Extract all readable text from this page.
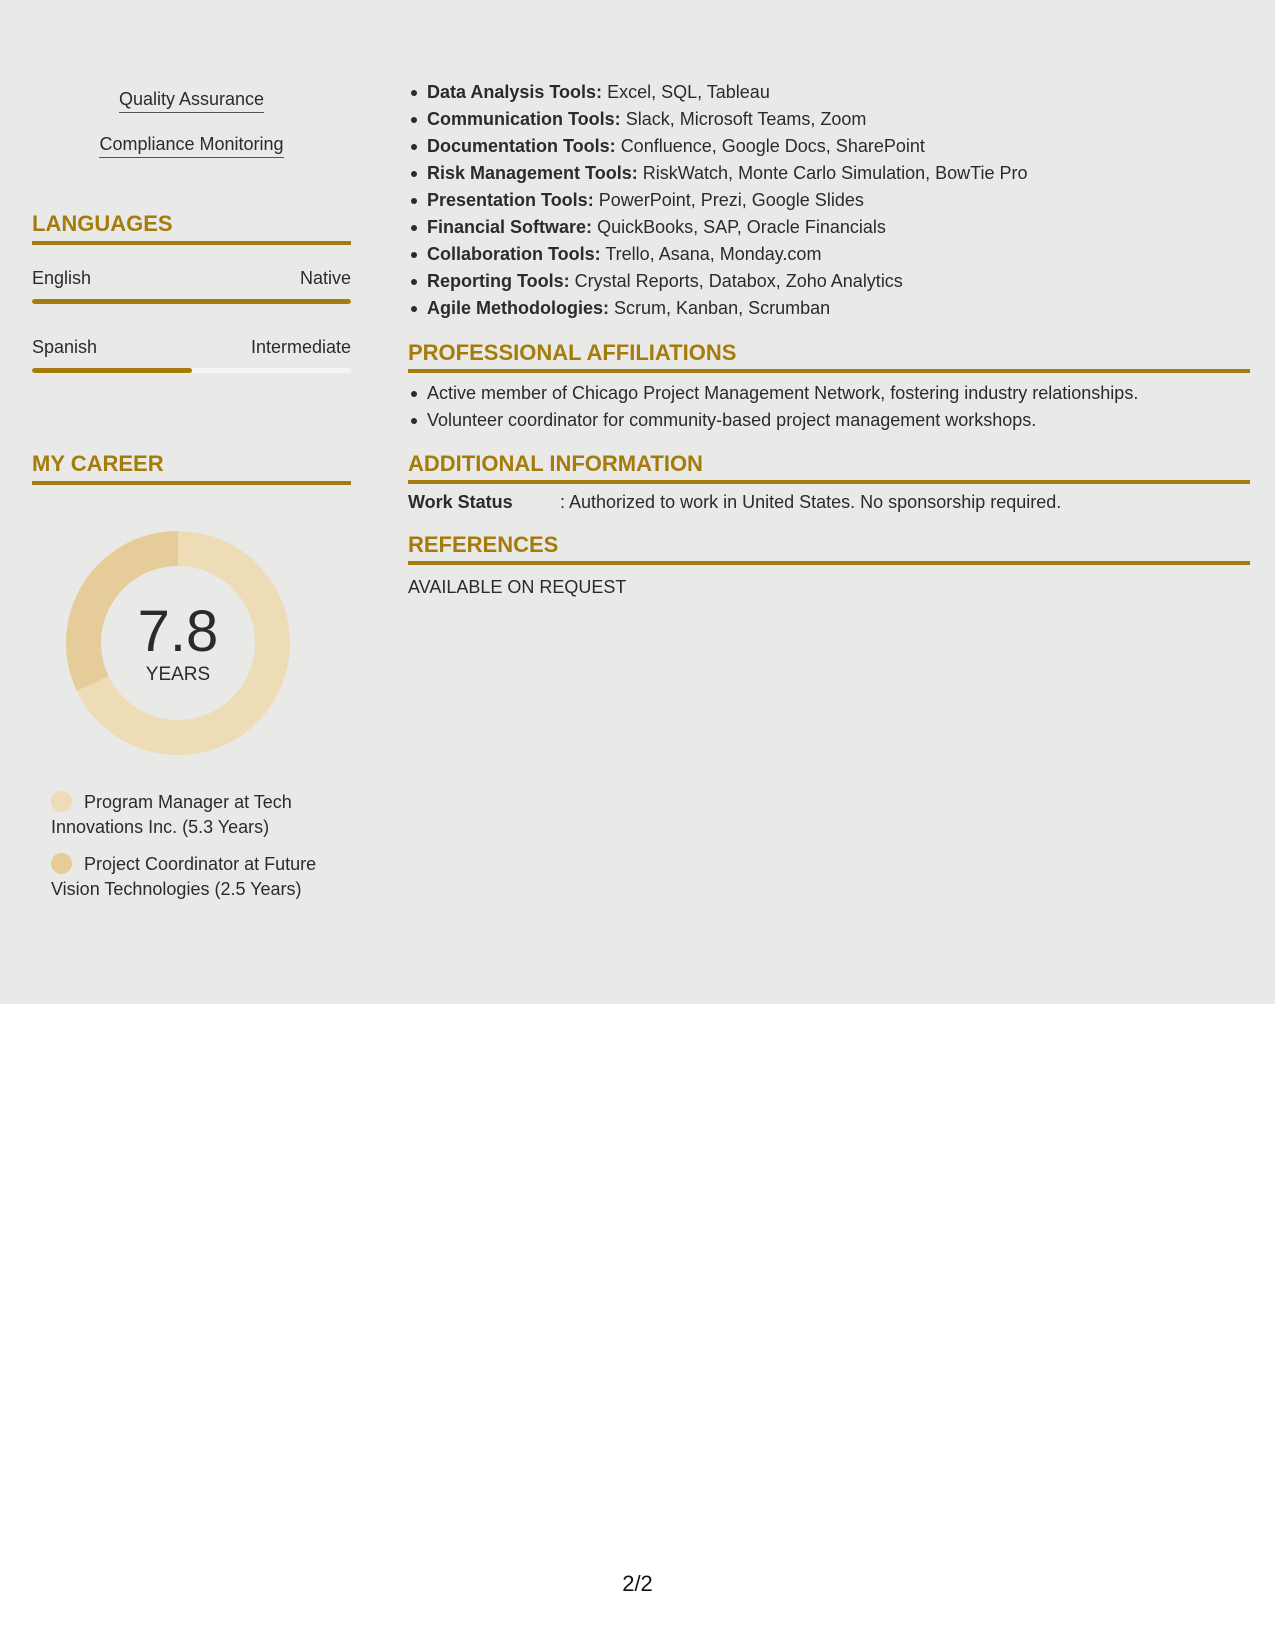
Quality Assurance
Compliance Monitoring
LANGUAGES
English	Native
Spanish	Intermediate
MY CAREER
7.8
YEARS
Program Manager at Tech Innovations Inc. (5.3 Years)
Project Coordinator at Future Vision Technologies (2.5 Years)
Data Analysis Tools: Excel, SQL, Tableau
Communication Tools: Slack, Microsoft Teams, Zoom
Documentation Tools: Confluence, Google Docs, SharePoint
Risk Management Tools: RiskWatch, Monte Carlo Simulation, BowTie Pro
Presentation Tools: PowerPoint, Prezi, Google Slides
Financial Software: QuickBooks, SAP, Oracle Financials
Collaboration Tools: Trello, Asana, Monday.com
Reporting Tools: Crystal Reports, Databox, Zoho Analytics
Agile Methodologies: Scrum, Kanban, Scrumban
PROFESSIONAL AFFILIATIONS
Active member of Chicago Project Management Network, fostering industry relationships.
Volunteer coordinator for community-based project management workshops.
ADDITIONAL INFORMATION
Work Status	: Authorized to work in United States. No sponsorship required.
REFERENCES
AVAILABLE ON REQUEST
2/2
